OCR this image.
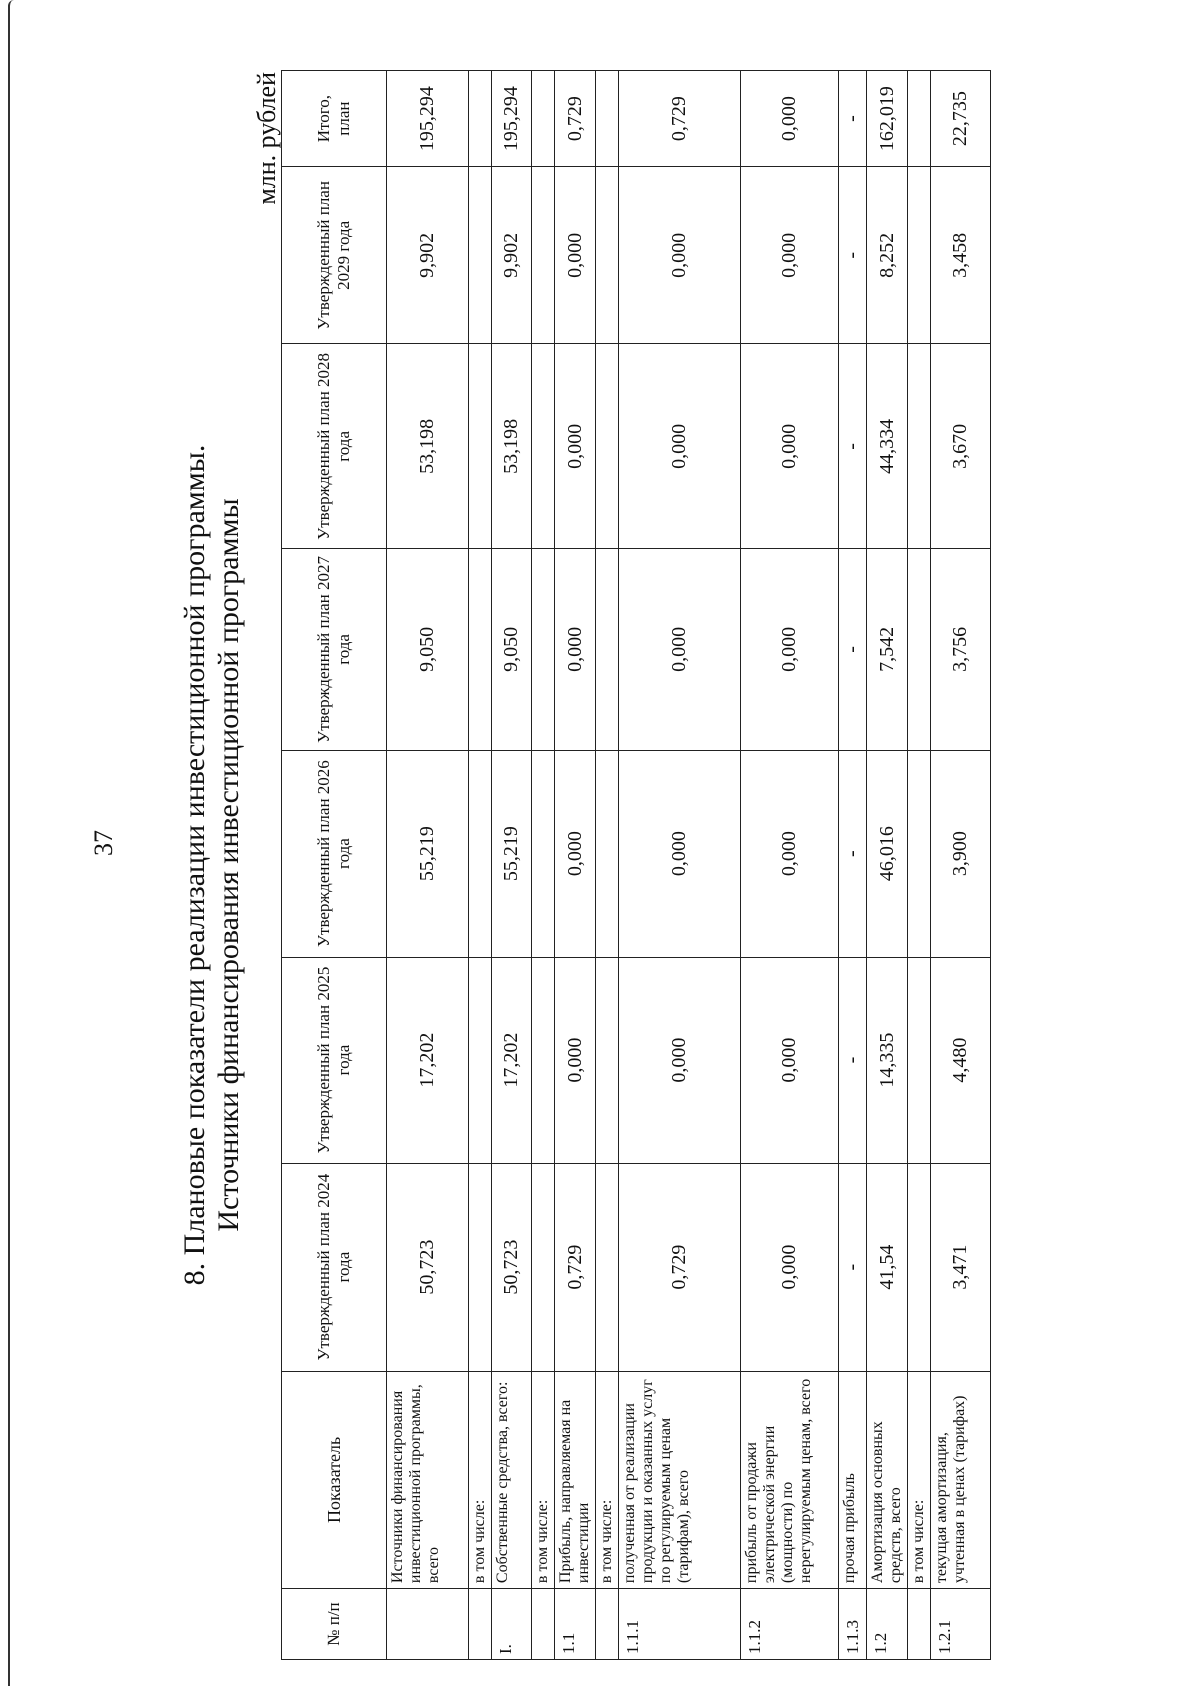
37 8. Плановые показатели реализации инвестиционной программы. Источники финансирования инвестиционной программы
млн. рублей
№ п/п	Показатель	Утвержденный план 2024 года	Утвержденный план 2025 года	Утвержденный план 2026 года	Утвержденный план 2027 года	Утвержденный план 2028 года	Утвержденный план 2029 года	Итого, план
	Источники финансирования инвестиционной программы, всего	50,723	17,202	55,219	9,050	53,198	9,902	195,294
	в том числе:							
I.	Собственные средства, всего:	50,723	17,202	55,219	9,050	53,198	9,902	195,294
	в том числе:							
1.1	Прибыль, направляемая на инвестиции	0,729	0,000	0,000	0,000	0,000	0,000	0,729
	в том числе:							
1.1.1	полученная от реализации продукции и оказанных услуг по регулируемым ценам (тарифам), всего	0,729	0,000	0,000	0,000	0,000	0,000	0,729
1.1.2	прибыль от продажи электрической энергии (мощности) по нерегулируемым ценам, всего	0,000	0,000	0,000	0,000	0,000	0,000	0,000
1.1.3	прочая прибыль	-	-	-	-	-	-	-
1.2	Амортизация основных средств, всего	41,54	14,335	46,016	7,542	44,334	8,252	162,019
	в том числе:							
1.2.1	текущая амортизация, учтенная в ценах (тарифах)	3,471	4,480	3,900	3,756	3,670	3,458	22,735
